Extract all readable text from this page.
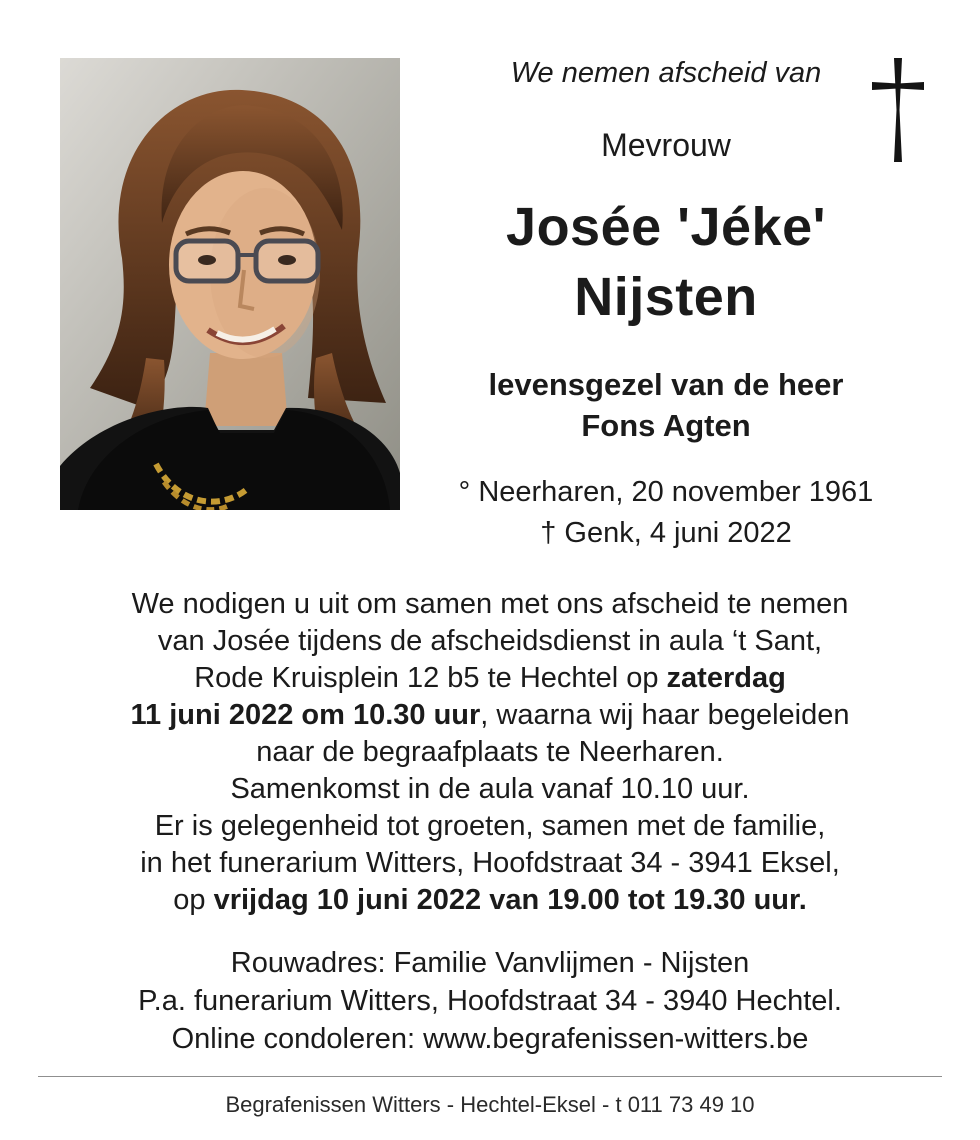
We nemen afscheid van
Mevrouw
Josée 'Jéke'
Nijsten
levensgezel van de heer
Fons Agten
° Neerharen, 20 november 1961
† Genk, 4 juni 2022

We nodigen u uit om samen met ons afscheid te nemen
van Josée tijdens de afscheidsdienst in aula ‘t Sant,
Rode Kruisplein 12 b5 te Hechtel op zaterdag
11 juni 2022 om 10.30 uur, waarna wij haar begeleiden
naar de begraafplaats te Neerharen.
Samenkomst in de aula vanaf 10.10 uur.
Er is gelegenheid tot groeten, samen met de familie,
in het funerarium Witters, Hoofdstraat 34 - 3941 Eksel,
op vrijdag 10 juni 2022 van 19.00 tot 19.30 uur.

Rouwadres: Familie Vanvlijmen - Nijsten
P.a. funerarium Witters, Hoofdstraat 34 - 3940 Hechtel.
Online condoleren: www.begrafenissen-witters.be
Begrafenissen Witters - Hechtel-Eksel - t 011 73 49 10
